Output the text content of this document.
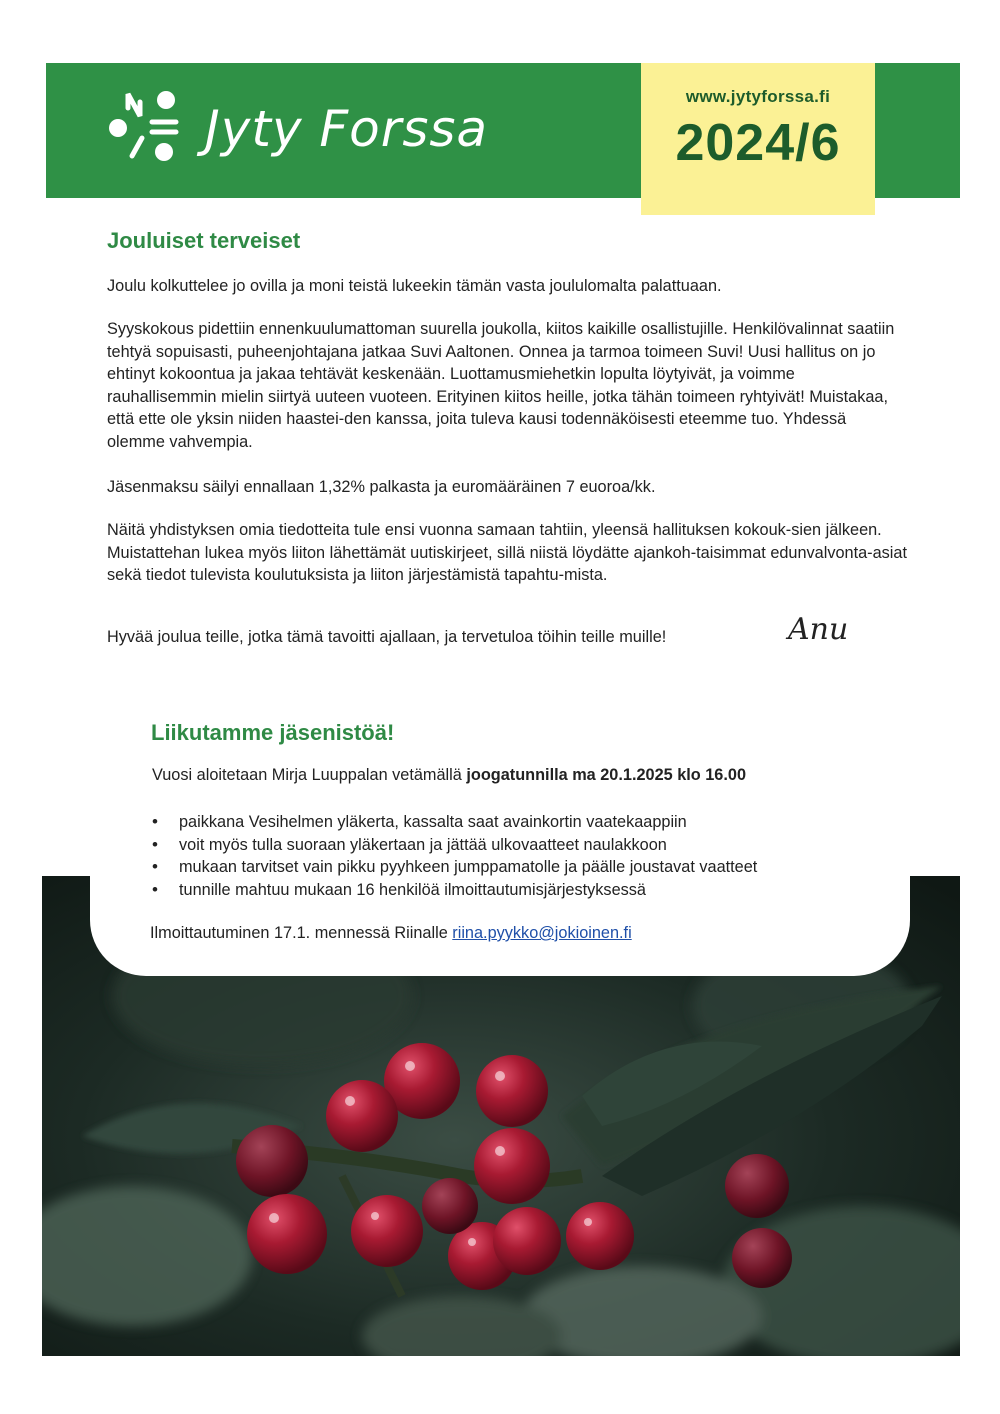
Jyty Forssa
www.jytyforssa.fi
2024/6
Jouluiset terveiset

Joulu kolkuttelee jo ovilla ja moni teistä lukeekin tämän vasta joululomalta palattuaan.

Syyskokous pidettiin ennenkuulumattoman suurella joukolla, kiitos kaikille osallistujille. Henkilövalinnat saatiin tehtyä sopuisasti, puheenjohtajana jatkaa Suvi Aaltonen. Onnea ja tarmoa toimeen Suvi! Uusi hallitus on jo ehtinyt kokoontua ja jakaa tehtävät keskenään. Luottamusmiehetkin lopulta löytyivät, ja voimme rauhallisemmin mielin siirtyä uuteen vuoteen. Erityinen kiitos heille, jotka tähän toimeen ryhtyivät! Muistakaa, että ette ole yksin niiden haastei-den kanssa, joita tuleva kausi todennäköisesti eteemme tuo. Yhdessä olemme vahvempia.

Jäsenmaksu säilyi ennallaan 1,32% palkasta ja euromääräinen 7 euoroa/kk.

Näitä yhdistyksen omia tiedotteita tule ensi vuonna samaan tahtiin, yleensä hallituksen kokouk-sien jälkeen. Muistattehan lukea myös liiton lähettämät uutiskirjeet, sillä niistä löydätte ajankoh-taisimmat edunvalvonta-asiat sekä tiedot tulevista koulutuksista ja liiton järjestämistä tapahtu-mista.

Hyvää joulua teille, jotka tämä tavoitti ajallaan, ja tervetuloa töihin teille muille!	Anu
Liikutamme jäsenistöä!

Vuosi aloitetaan Mirja Luuppalan vetämällä joogatunnilla ma 20.1.2025 klo 16.00

• paikkana Vesihelmen yläkerta, kassalta saat avainkortin vaatekaappiin
• voit myös tulla suoraan yläkertaan ja jättää ulkovaatteet naulakkoon
• mukaan tarvitset vain pikku pyyhkeen jumppamatolle ja päälle joustavat vaatteet
• tunnille mahtuu mukaan 16 henkilöä ilmoittautumisjärjestyksessä

Ilmoittautuminen 17.1. mennessä Riinalle riina.pyykko@jokioinen.fi
